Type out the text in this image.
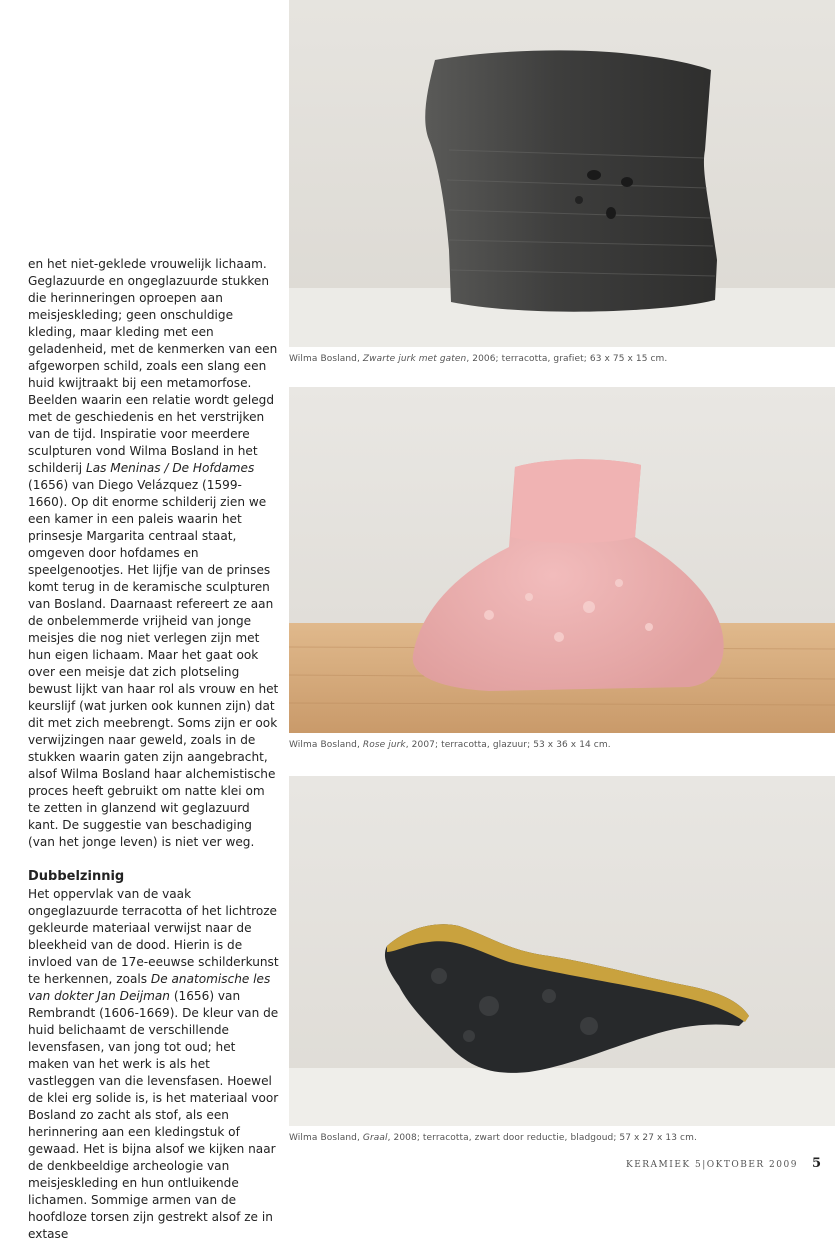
en het niet-geklede vrouwelijk lichaam. Geglazuurde en ongeglazuurde stukken die herinneringen oproepen aan meisjeskleding; geen onschuldige kleding, maar kleding met een geladenheid, met de kenmerken van een afgeworpen schild, zoals een slang een huid kwijtraakt bij een metamorfose. Beelden waarin een relatie wordt gelegd met de geschiedenis en het verstrijken van de tijd. Inspiratie voor meerdere sculpturen vond Wilma Bosland in het schilderij Las Meninas / De Hofdames (1656) van Diego Velázquez (1599-1660). Op dit enorme schilderij zien we een kamer in een paleis waarin het prinsesje Margarita centraal staat, omgeven door hofdames en speelgenootjes. Het lijfje van de prinses komt terug in de keramische sculpturen van Bosland. Daarnaast refereert ze aan de onbelemmerde vrijheid van jonge meisjes die nog niet verlegen zijn met hun eigen lichaam. Maar het gaat ook over een meisje dat zich plotseling bewust lijkt van haar rol als vrouw en het keurslijf (wat jurken ook kunnen zijn) dat dit met zich meebrengt. Soms zijn er ook verwijzingen naar geweld, zoals in de stukken waarin gaten zijn aangebracht, alsof Wilma Bosland haar alchemistische proces heeft gebruikt om natte klei om te zetten in glanzend wit geglazuurd kant. De suggestie van beschadiging (van het jonge leven) is niet ver weg.

Dubbelzinnig

Het oppervlak van de vaak ongeglazuurde terracotta of het lichtroze gekleurde materiaal verwijst naar de bleekheid van de dood. Hierin is de invloed van de 17e-eeuwse schilderkunst te herkennen, zoals De anatomische les van dokter Jan Deijman (1656) van Rembrandt (1606-1669). De kleur van de huid belichaamt de verschillende levensfasen, van jong tot oud; het maken van het werk is als het vastleggen van die levensfasen. Hoewel de klei erg solide is, is het materiaal voor Bosland zo zacht als stof, als een herinnering aan een kledingstuk of gewaad. Het is bijna alsof we kijken naar de denkbeeldige archeologie van meisjeskleding en hun ontluikende lichamen. Sommige armen van de hoofdloze torsen zijn gestrekt alsof ze in extase

Wilma Bosland, Zwarte jurk met gaten, 2006; terracotta, grafiet; 63 x 75 x 15 cm.
Wilma Bosland, Rose jurk, 2007; terracotta, glazuur; 53 x 36 x 14 cm.
Wilma Bosland, Graal, 2008; terracotta, zwart door reductie, bladgoud; 57 x 27 x 13 cm.
KERAMIEK 5|OKTOBER 2009 5
